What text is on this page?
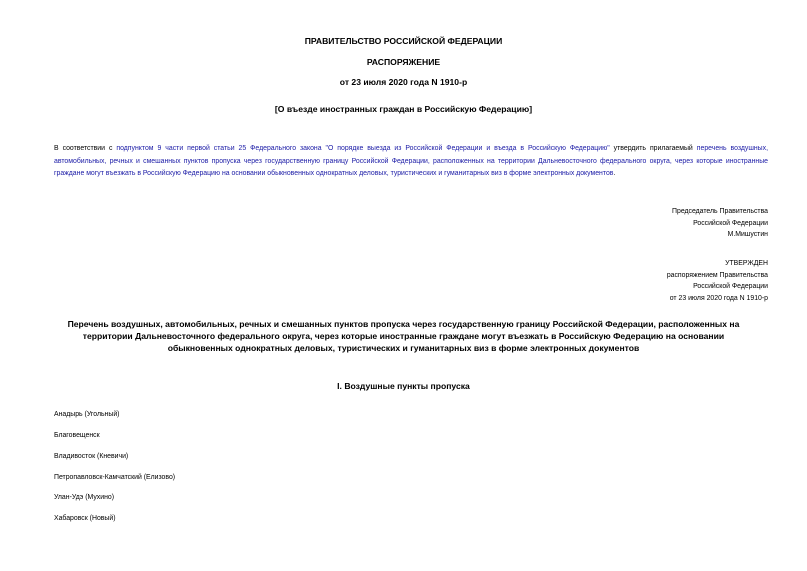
ПРАВИТЕЛЬСТВО РОССИЙСКОЙ ФЕДЕРАЦИИ
РАСПОРЯЖЕНИЕ
от 23 июля 2020 года N 1910-р
[О въезде иностранных граждан в Российскую Федерацию]
В соответствии с подпунктом 9 части первой статьи 25 Федерального закона "О порядке выезда из Российской Федерации и въезда в Российскую Федерацию" утвердить прилагаемый перечень воздушных, автомобильных, речных и смешанных пунктов пропуска через государственную границу Российской Федерации, расположенных на территории Дальневосточного федерального округа, через которые иностранные граждане могут въезжать в Российскую Федерацию на основании обыкновенных однократных деловых, туристических и гуманитарных виз в форме электронных документов.
Председатель Правительства
Российской Федерации
М.Мишустин
УТВЕРЖДЕН
распоряжением Правительства
Российской Федерации
от 23 июля 2020 года N 1910-р
Перечень воздушных, автомобильных, речных и смешанных пунктов пропуска через государственную границу Российской Федерации, расположенных на территории Дальневосточного федерального округа, через которые иностранные граждане могут въезжать в Российскую Федерацию на основании обыкновенных однократных деловых, туристических и гуманитарных виз в форме электронных документов
I. Воздушные пункты пропуска
Анадырь (Угольный)
Благовещенск
Владивосток (Кневичи)
Петропавловск-Камчатский (Елизово)
Улан-Удэ (Мухино)
Хабаровск (Новый)
